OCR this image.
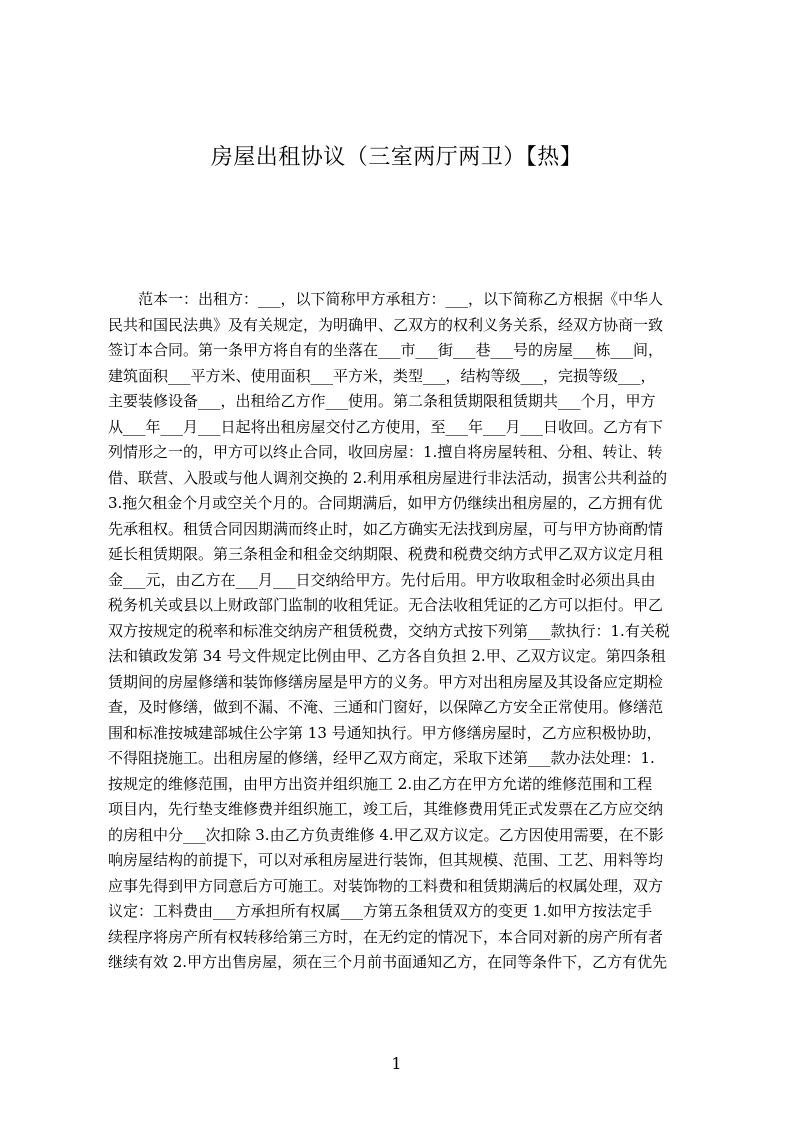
房屋出租协议（三室两厅两卫）【热】
范本一：出租方：___，以下简称甲方承租方：___，以下简称乙方根据《中华人
民共和国民法典》及有关规定，为明确甲、乙双方的权利义务关系，经双方协商一致
签订本合同。第一条甲方将自有的坐落在___市___街___巷___号的房屋___栋___间，
建筑面积___平方米、使用面积___平方米，类型___，结构等级___，完损等级___，
主要装修设备___，出租给乙方作___使用。第二条租赁期限租赁期共___个月，甲方
从___年___月___日起将出租房屋交付乙方使用，至___年___月___日收回。乙方有下
列情形之一的，甲方可以终止合同，收回房屋：1.擅自将房屋转租、分租、转让、转
借、联营、入股或与他人调剂交换的 2.利用承租房屋进行非法活动，损害公共利益的
3.拖欠租金个月或空关个月的。合同期满后，如甲方仍继续出租房屋的，乙方拥有优
先承租权。租赁合同因期满而终止时，如乙方确实无法找到房屋，可与甲方协商酌情
延长租赁期限。第三条租金和租金交纳期限、税费和税费交纳方式甲乙双方议定月租
金___元，由乙方在___月___日交纳给甲方。先付后用。甲方收取租金时必须出具由
税务机关或县以上财政部门监制的收租凭证。无合法收租凭证的乙方可以拒付。甲乙
双方按规定的税率和标准交纳房产租赁税费，交纳方式按下列第___款执行：1.有关税
法和镇政发第 34 号文件规定比例由甲、乙方各自负担 2.甲、乙双方议定。第四条租
赁期间的房屋修缮和装饰修缮房屋是甲方的义务。甲方对出租房屋及其设备应定期检
查，及时修缮，做到不漏、不淹、三通和门窗好，以保障乙方安全正常使用。修缮范
围和标准按城建部城住公字第 13 号通知执行。甲方修缮房屋时，乙方应积极协助，
不得阻挠施工。出租房屋的修缮，经甲乙双方商定，采取下述第___款办法处理：1.
按规定的维修范围，由甲方出资并组织施工 2.由乙方在甲方允诺的维修范围和工程
项目内，先行垫支维修费并组织施工，竣工后，其维修费用凭正式发票在乙方应交纳
的房租中分___次扣除 3.由乙方负责维修 4.甲乙双方议定。乙方因使用需要，在不影
响房屋结构的前提下，可以对承租房屋进行装饰，但其规模、范围、工艺、用料等均
应事先得到甲方同意后方可施工。对装饰物的工料费和租赁期满后的权属处理，双方
议定：工料费由___方承担所有权属___方第五条租赁双方的变更 1.如甲方按法定手
续程序将房产所有权转移给第三方时，在无约定的情况下，本合同对新的房产所有者
继续有效 2.甲方出售房屋，须在三个月前书面通知乙方，在同等条件下，乙方有优先
1
